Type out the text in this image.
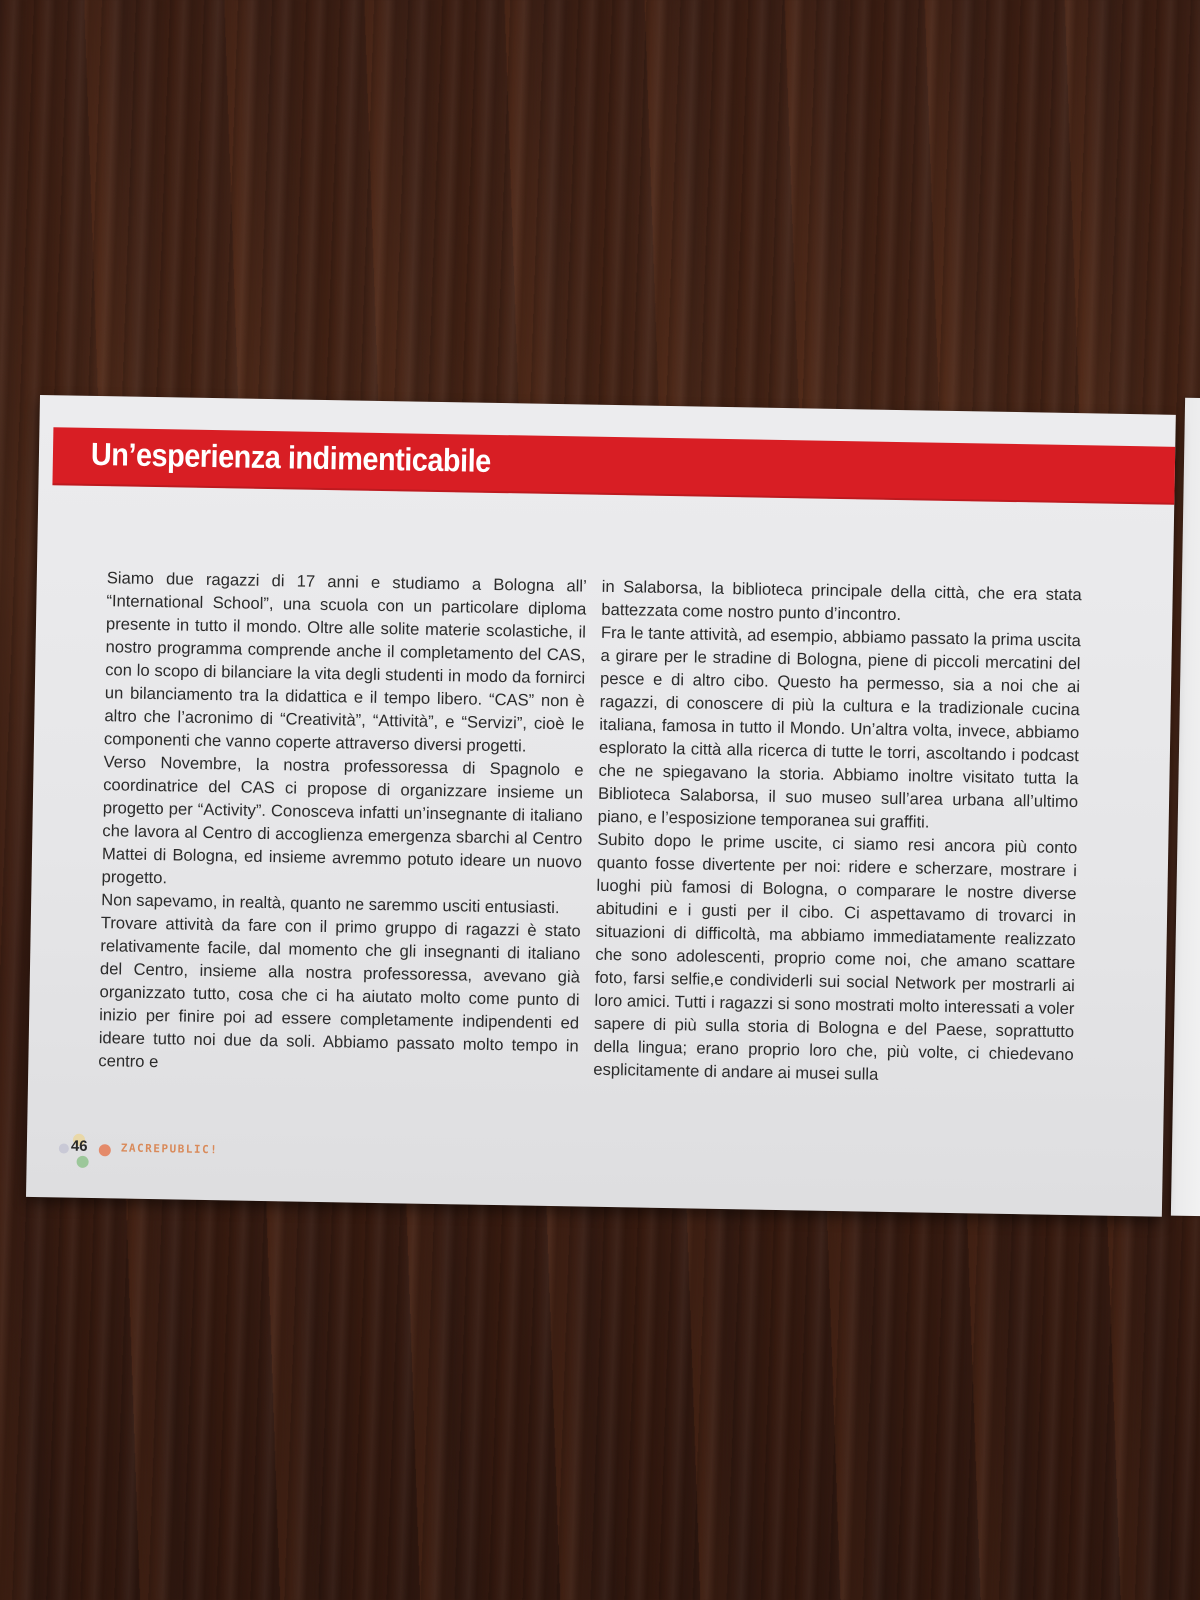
Un’esperienza indimenticabile

Siamo due ragazzi di 17 anni e studiamo a Bologna all’ “International School”, una scuola con un particolare diploma presente in tutto il mondo. Oltre alle solite materie scolastiche, il nostro programma comprende anche il completamento del CAS, con lo scopo di bilanciare la vita degli studenti in modo da fornirci un bilanciamento tra la didattica e il tempo libero. “CAS” non è altro che l’acronimo di “Creatività”, “Attività”, e “Servizi”, cioè le componenti che vanno coperte attraverso diversi progetti.

Verso Novembre, la nostra professoressa di Spagnolo e coordinatrice del CAS ci propose di organizzare insieme un progetto per “Activity”. Conosceva infatti un’insegnante di italiano che lavora al Centro di accoglienza emergenza sbarchi al Centro Mattei di Bologna, ed insieme avremmo potuto ideare un nuovo progetto.

Non sapevamo, in realtà, quanto ne saremmo usciti entusiasti.

Trovare attività da fare con il primo gruppo di ragazzi è stato relativamente facile, dal momento che gli insegnanti di italiano del Centro, insieme alla nostra professoressa, avevano già organizzato tutto, cosa che ci ha aiutato molto come punto di inizio per finire poi ad essere completamente indipendenti ed ideare tutto noi due da soli. Abbiamo passato molto tempo in centro e

in Salaborsa, la biblioteca principale della città, che era stata battezzata come nostro punto d’incontro.

Fra le tante attività, ad esempio, abbiamo passato la prima uscita a girare per le stradine di Bologna, piene di piccoli mercatini del pesce e di altro cibo. Questo ha permesso, sia a noi che ai ragazzi, di conoscere di più la cultura e la tradizionale cucina italiana, famosa in tutto il Mondo. Un’altra volta, invece, abbiamo esplorato la città alla ricerca di tutte le torri, ascoltando i podcast che ne spiegavano la storia. Abbiamo inoltre visitato tutta la Biblioteca Salaborsa, il suo museo sull’area urbana all’ultimo piano, e l’esposizione temporanea sui graffiti.

Subito dopo le prime uscite, ci siamo resi ancora più conto quanto fosse divertente per noi: ridere e scherzare, mostrare i luoghi più famosi di Bologna, o comparare le nostre diverse abitudini e i gusti per il cibo. Ci aspettavamo di trovarci in situazioni di difficoltà, ma abbiamo immediatamente realizzato che sono adolescenti, proprio come noi, che amano scattare foto, farsi selfie,e condividerli sui social Network per mostrarli ai loro amici. Tutti i ragazzi si sono mostrati molto interessati a voler sapere di più sulla storia di Bologna e del Paese, soprattutto della lingua; erano proprio loro che, più volte, ci chiedevano esplicitamente di andare ai musei sulla

46	ZACREPUBLIC!
